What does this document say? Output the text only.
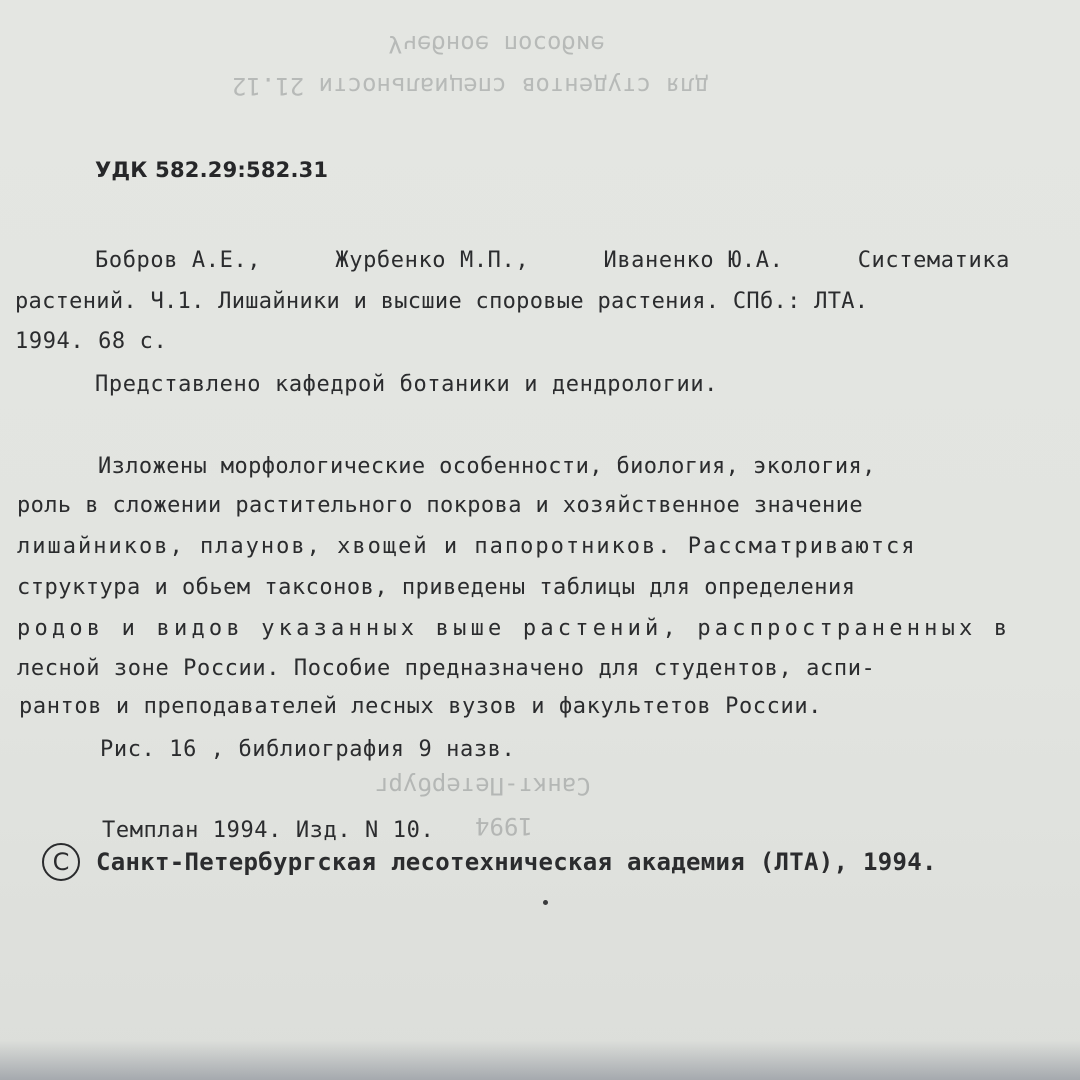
Учебное пособие
для студентов специальности 21.12
Санкт-Петербург
1994
УДК 582.29:582.31
Бобров А.Е.,	Журбенко М.П.,	Иваненко Ю.А.	Систематика
растений. Ч.1. Лишайники и высшие споровые растения. СПб.: ЛТА.
1994. 68 с.
Представлено кафедрой ботаники и дендрологии.
Изложены морфологические особенности, биология, экология,
роль в сложении растительного покрова и хозяйственное значение
лишайников, плаунов, хвощей и папоротников. Рассматриваются
структура и обьем таксонов, приведены таблицы для определения
родов и видов указанных выше растений, распространенных в
лесной зоне России. Пособие предназначено для студентов, аспи-
рантов и преподавателей лесных вузов и факультетов России.
Рис. 16 , библиография 9 назв.
Темплан 1994. Изд. N 10.
C	Санкт-Петербургская лесотехническая академия (ЛТА), 1994.
